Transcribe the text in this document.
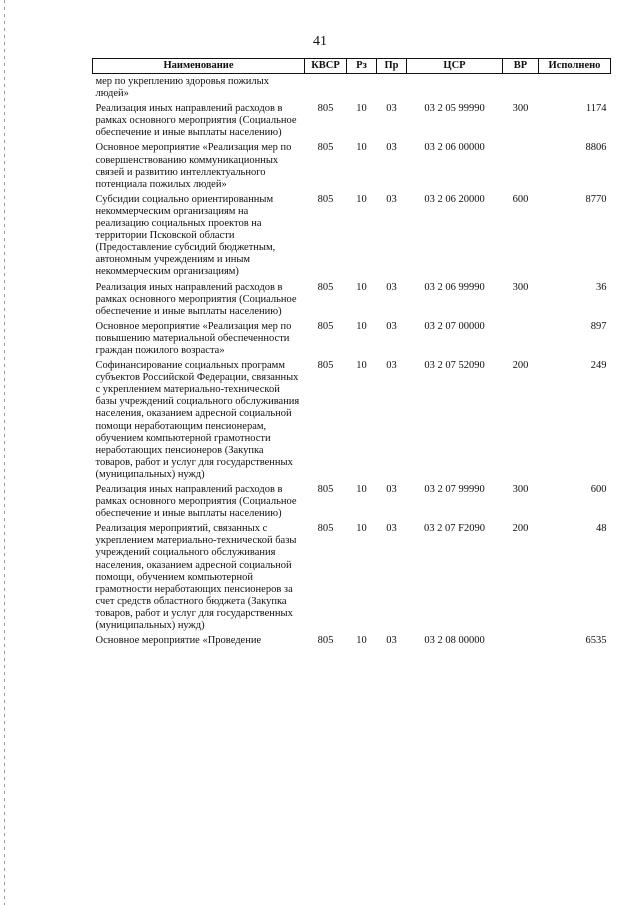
41
Наименование	КВСР	Рз	Пр	ЦСР	ВР	Исполнено
мер по укреплению здоровья пожилых людей»						
Реализация иных направлений расходов в рамках основного мероприятия (Социальное обеспечение и иные выплаты населению)	805	10	03	03 2 05 99990	300	1174
Основное мероприятие «Реализация мер по совершенствованию коммуникационных связей и развитию интеллектуального потенциала пожилых людей»	805	10	03	03 2 06 00000		8806
Субсидии социально ориентированным некоммерческим организациям на реализацию социальных проектов на территории Псковской области (Предоставление субсидий бюджетным, автономным учреждениям и иным некоммерческим организациям)	805	10	03	03 2 06 20000	600	8770
Реализация иных направлений расходов в рамках основного мероприятия (Социальное обеспечение и иные выплаты населению)	805	10	03	03 2 06 99990	300	36
Основное мероприятие «Реализация мер по повышению материальной обеспеченности граждан пожилого возраста»	805	10	03	03 2 07 00000		897
Софинансирование социальных программ субъектов Российской Федерации, связанных с укреплением материально-технической базы учреждений социального обслуживания населения, оказанием адресной социальной помощи неработающим пенсионерам, обучением компьютерной грамотности неработающих пенсионеров (Закупка товаров, работ и услуг для государственных (муниципальных) нужд)	805	10	03	03 2 07 52090	200	249
Реализация иных направлений расходов в рамках основного мероприятия (Социальное обеспечение и иные выплаты населению)	805	10	03	03 2 07 99990	300	600
Реализация мероприятий, связанных с укреплением материально-технической базы учреждений социального обслуживания населения, оказанием адресной социальной помощи, обучением компьютерной грамотности неработающих пенсионеров за счет средств областного бюджета (Закупка товаров, работ и услуг для государственных (муниципальных) нужд)	805	10	03	03 2 07 F2090	200	48
Основное мероприятие «Проведение	805	10	03	03 2 08 00000		6535
